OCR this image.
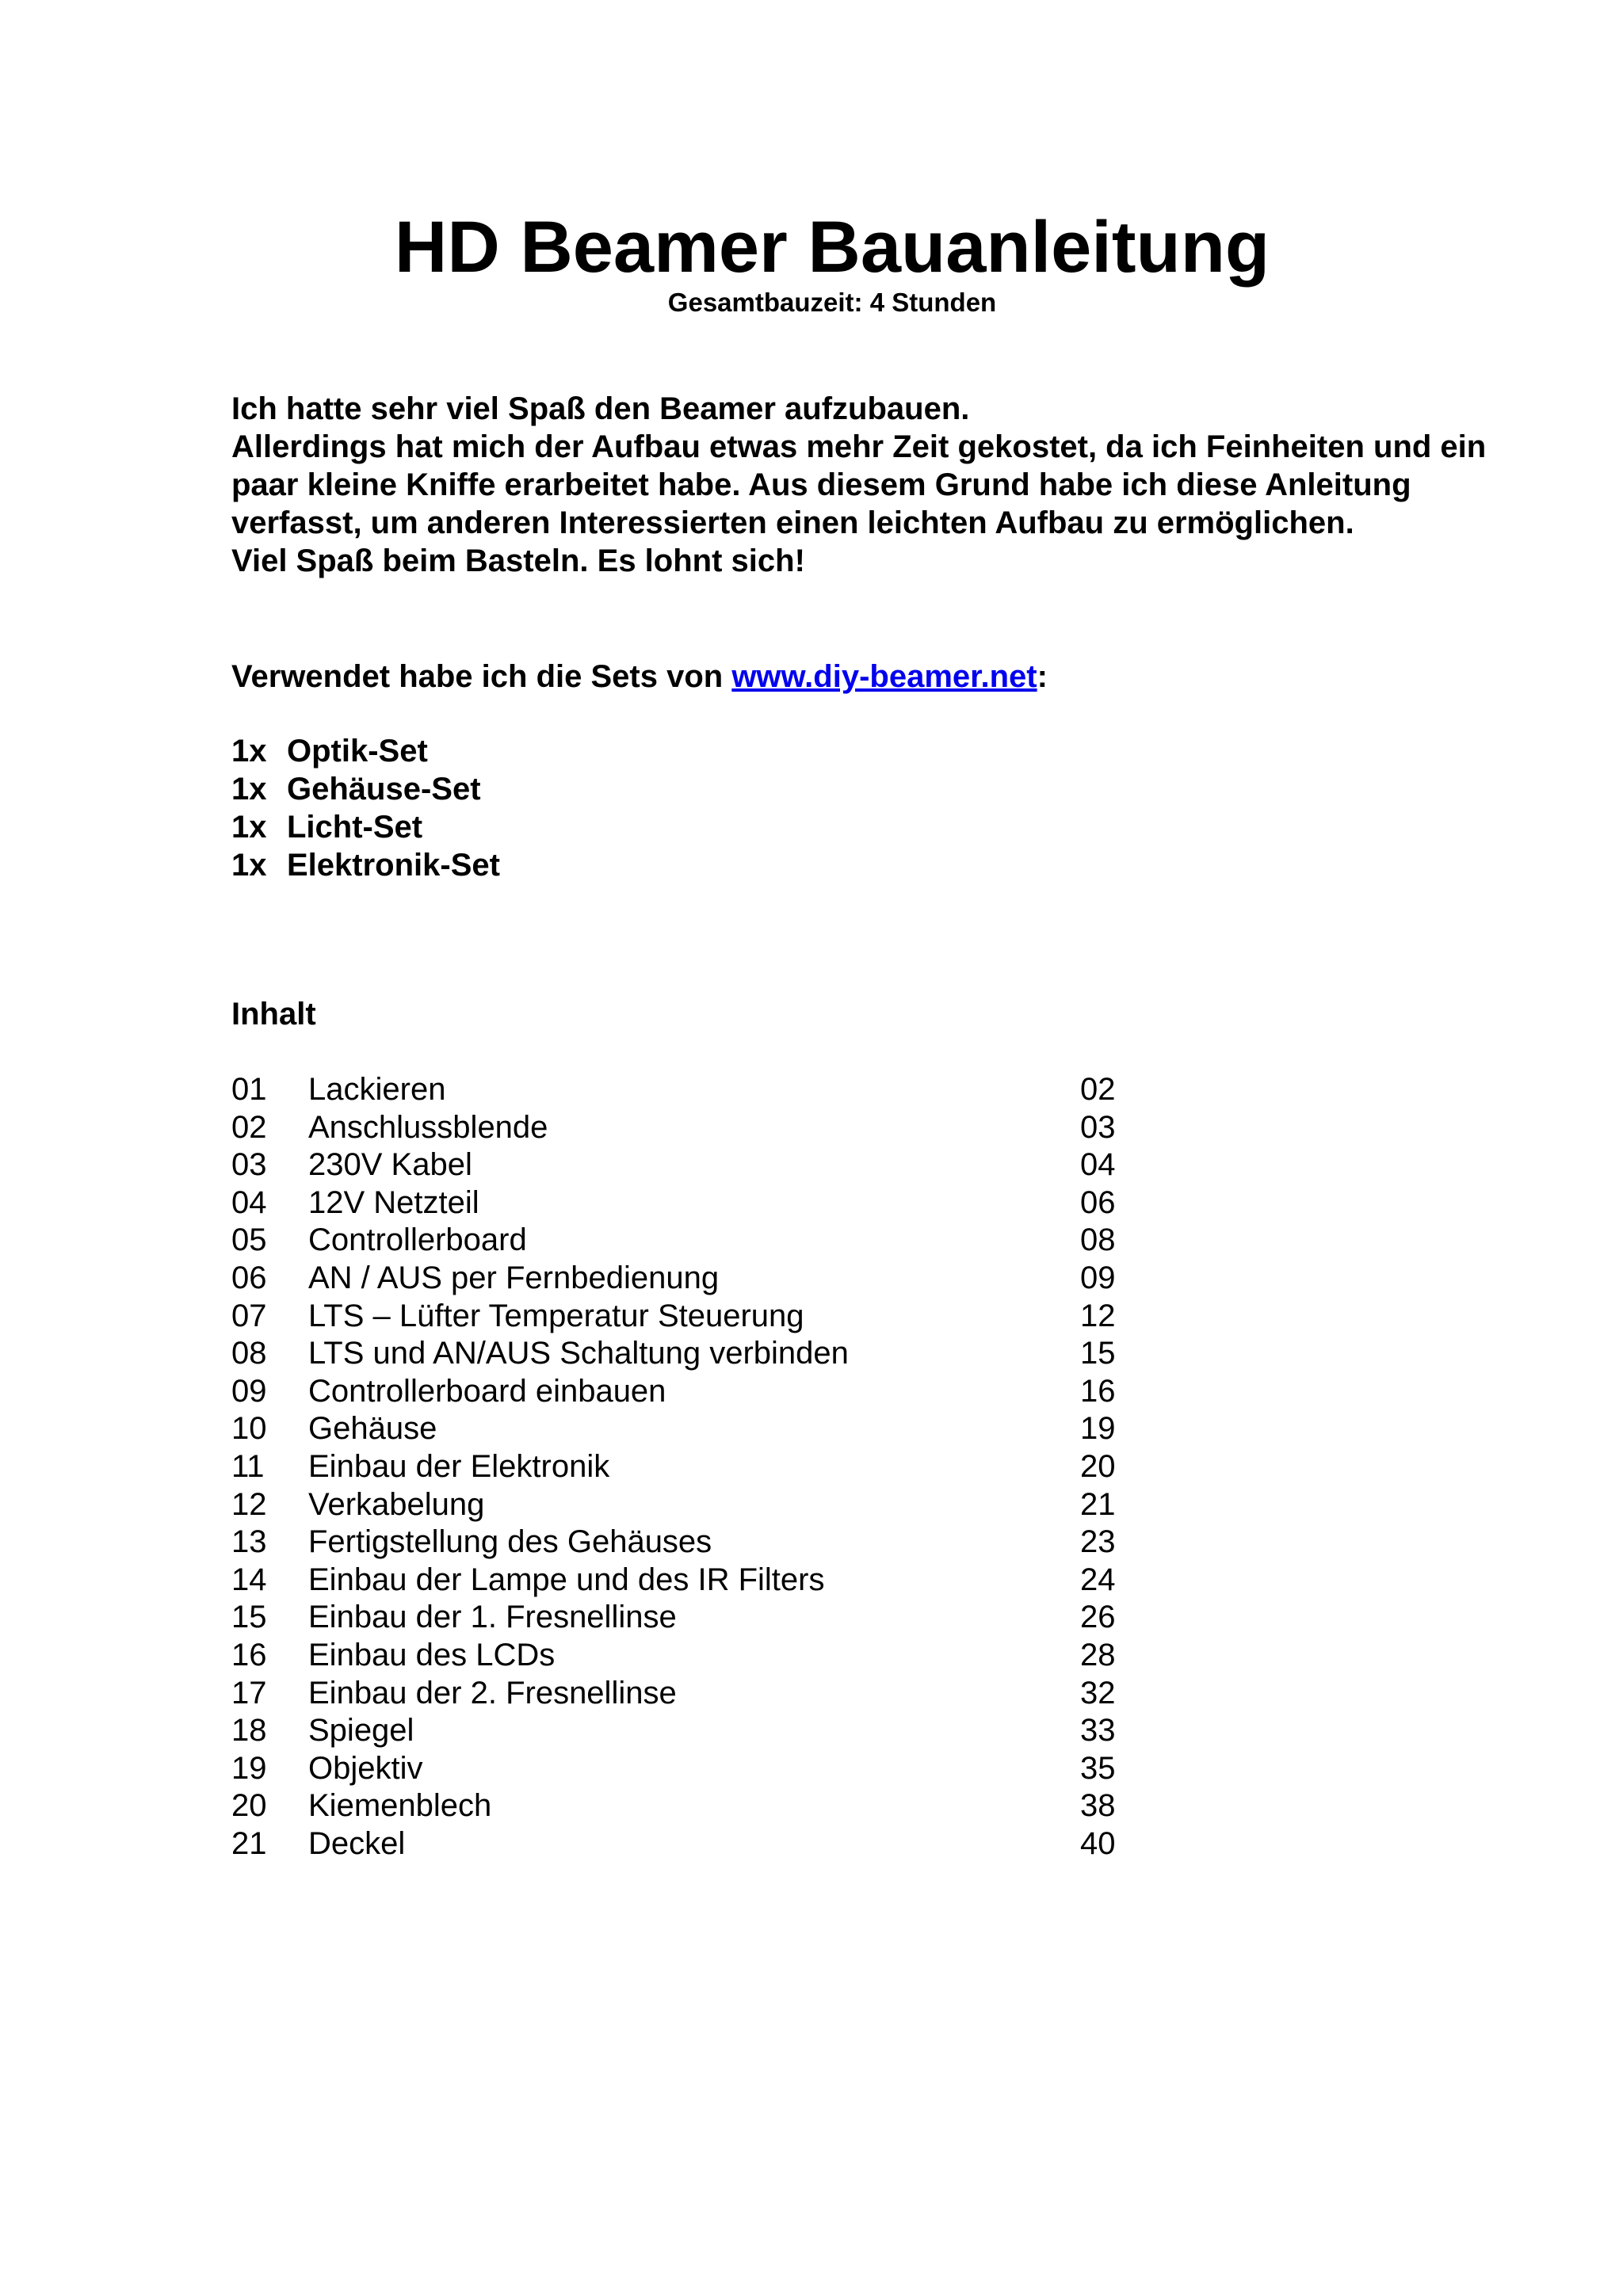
HD Beamer Bauanleitung
Gesamtbauzeit: 4 Stunden

Ich hatte sehr viel Spaß den Beamer aufzubauen.

Allerdings hat mich der Aufbau etwas mehr Zeit gekostet, da ich Feinheiten und ein paar kleine Kniffe erarbeitet habe. Aus diesem Grund habe ich diese Anleitung verfasst, um anderen Interessierten einen leichten Aufbau zu ermöglichen.

Viel Spaß beim Basteln. Es lohnt sich!

Verwendet habe ich die Sets von www.diy-beamer.net:

1x Optik-Set
1x Gehäuse-Set
1x Licht-Set
1x Elektronik-Set
Inhalt
01	Lackieren	02
02	Anschlussblende	03
03	230V Kabel	04
04	12V Netzteil	06
05	Controllerboard	08
06	AN / AUS per Fernbedienung	09
07	LTS – Lüfter Temperatur Steuerung	12
08	LTS und AN/AUS Schaltung verbinden	15
09	Controllerboard einbauen	16
10	Gehäuse	19
11	Einbau der Elektronik	20
12	Verkabelung	21
13	Fertigstellung des Gehäuses	23
14	Einbau der Lampe und des IR Filters	24
15	Einbau der 1. Fresnellinse	26
16	Einbau des LCDs	28
17	Einbau der 2. Fresnellinse	32
18	Spiegel	33
19	Objektiv	35
20	Kiemenblech	38
21	Deckel	40
